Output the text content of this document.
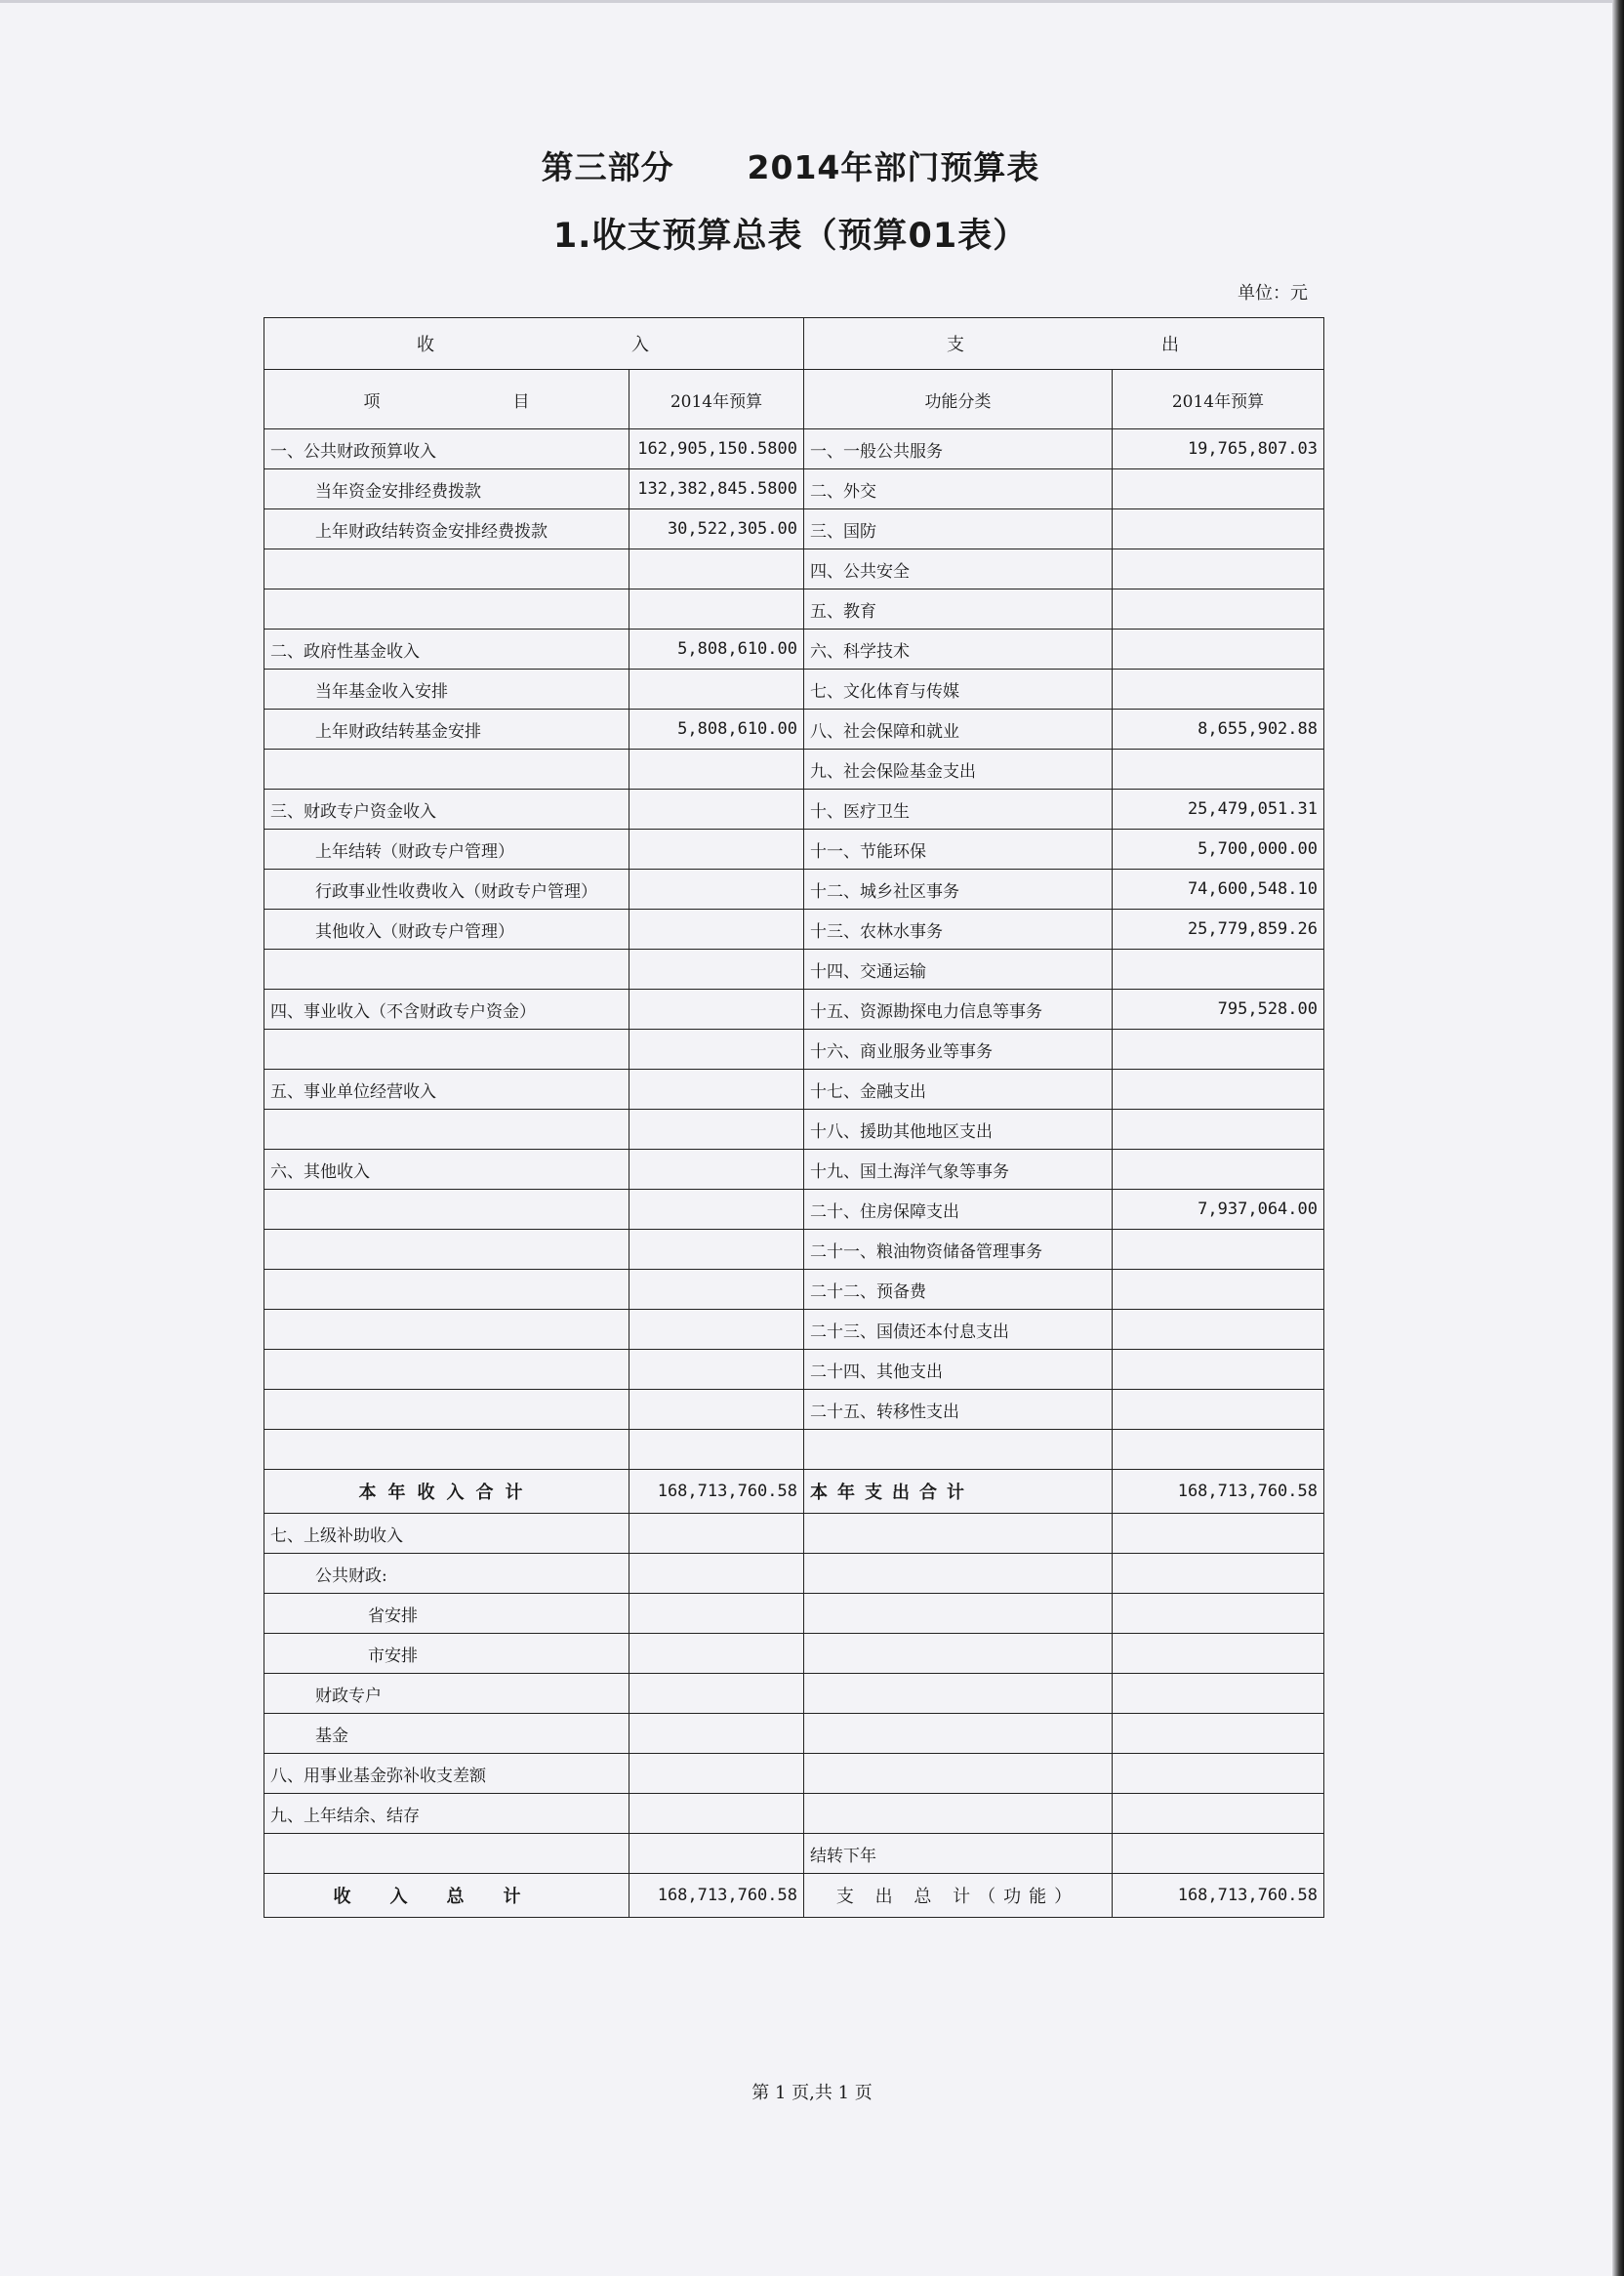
第三部分      2014年部门预算表
1.收支预算总表（预算01表）
单位：元
收　　　　　　　　　　入		支　　　　　　　　　　出	
项　　　　　　　　目	2014年预算	功能分类	2014年预算
一、公共财政预算收入	162,905,150.5800	一、一般公共服务	19,765,807.03
当年资金安排经费拨款	132,382,845.5800	二、外交	
上年财政结转资金安排经费拨款	30,522,305.00	三、国防	
		四、公共安全	
		五、教育	
二、政府性基金收入	5,808,610.00	六、科学技术	
当年基金收入安排		七、文化体育与传媒	
上年财政结转基金安排	5,808,610.00	八、社会保障和就业	8,655,902.88
		九、社会保险基金支出	
三、财政专户资金收入		十、医疗卫生	25,479,051.31
上年结转（财政专户管理）		十一、节能环保	5,700,000.00
行政事业性收费收入（财政专户管理）		十二、城乡社区事务	74,600,548.10
其他收入（财政专户管理）		十三、农林水事务	25,779,859.26
		十四、交通运输	
四、事业收入（不含财政专户资金）		十五、资源勘探电力信息等事务	795,528.00
		十六、商业服务业等事务	
五、事业单位经营收入		十七、金融支出	
		十八、援助其他地区支出	
六、其他收入		十九、国土海洋气象等事务	
		二十、住房保障支出	7,937,064.00
		二十一、粮油物资储备管理事务	
		二十二、预备费	
		二十三、国债还本付息支出	
		二十四、其他支出	
		二十五、转移性支出	

本年收入合计	168,713,760.58	本年支出合计	168,713,760.58
七、上级补助收入			
公共财政:			
省安排			
市安排			
财政专户			
基金			
八、用事业基金弥补收支差额			
九、上年结余、结存			
		结转下年	
收入总计	168,713,760.58	支 出 总 计（功能）	168,713,760.58
第 1 页,共 1 页
